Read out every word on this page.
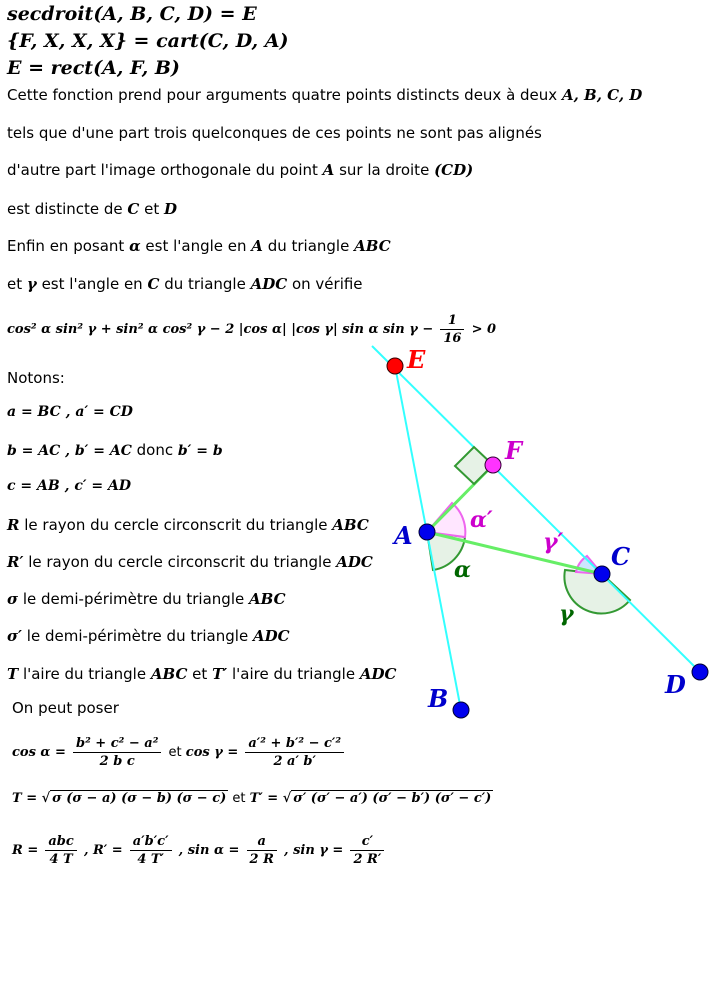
secdroit(A, B, C, D) = E
{F, X, X, X} = cart(C, D, A)
E = rect(A, F, B)
Cette fonction prend pour arguments quatre points distincts deux à deux A, B, C, D
tels que d'une part trois quelconques de ces points ne sont pas alignés
d'autre part l'image orthogonale du point A sur la droite (CD)
est distincte de C et D
Enfin en posant α est l'angle en A du triangle ABC
et γ est l'angle en C du triangle ADC on vérifie
cos² α sin² γ + sin² α cos² γ − 2 |cos α| |cos γ| sin α $\sin \gamma - \frac{1}{16} > 0$
Notons:
a = BC , a′ = CD
b = AC , b′ = AC donc b′ = b
c = AB , c′ = AD
R le rayon du cercle circonscrit du triangle ABC
R′ le rayon du cercle circonscrit du triangle ADC
σ le demi-périmètre du triangle ABC
σ′ le demi-périmètre du triangle ADC
T l'aire du triangle ABC et T′ l'aire du triangle ADC
On peut poser
$\cos \alpha = \frac{\text{b² + c² − a²}}{\text{2 b c}}$ et $\cos \gamma = \frac{\text{a′² + b′² − c′²}}{2 a' b'}$
T = √ σ (σ − a) (σ − b) (σ − c) et T′ = √ σ′ (σ′ − a′) (σ′ − b′) (σ′ − c′)
$R = \frac{\text{abc}}{4 T}$ , $R' = \frac{a'b'c'}{4 T'}$ , $\sin \alpha = \frac{a}{2 R}$ , $\sin \gamma = \frac{c'}{2 R'}$
E
F
A
C
D
B
α′
α
γ′
γ
